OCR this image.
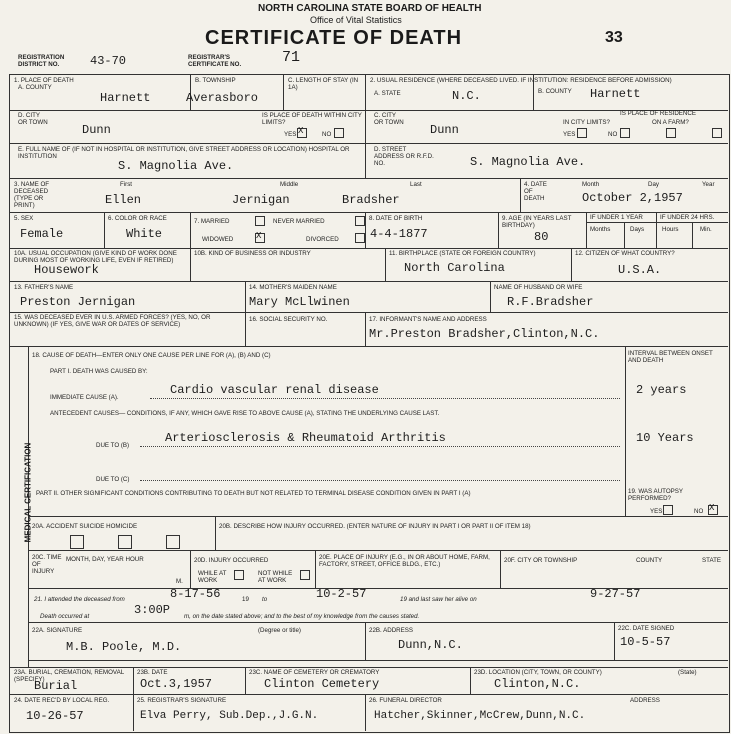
NORTH CAROLINA STATE BOARD OF HEALTH
Office of Vital Statistics
CERTIFICATE OF DEATH	33
REGISTRATION DISTRICT NO.	43-70	REGISTRAR'S CERTIFICATE NO.	71
1. PLACE OF DEATH
A. COUNTY
Harnett
B. TOWNSHIP
Averasboro
C. LENGTH OF STAY (IN 1A)
D. CITY OR TOWN
Dunn
IS PLACE OF DEATH WITHIN CITY LIMITS?
YES X	NO
E. FULL NAME OF (IF NOT IN HOSPITAL OR INSTITUTION, GIVE STREET ADDRESS OR LOCATION) HOSPITAL OR INSTITUTION
S. Magnolia Ave.
2. USUAL RESIDENCE (WHERE DECEASED LIVED. IF INSTITUTION: RESIDENCE BEFORE ADMISSION)
A. STATE	N.C.	B. COUNTY Harnett
C. CITY OR TOWN
Dunn
IS PLACE OF RESIDENCE
IN CITY LIMITS?	ON A FARM?
YES	NO
D. STREET ADDRESS OR R.F.D. NO.	S. Magnolia Ave.
3. NAME OF DECEASED (TYPE OR PRINT)
First	Middle	Last
Ellen	Jernigan	Bradsher
4. DATE OF DEATH
Month	Day	Year
October 2,1957
5. SEX
Female
6. COLOR OR RACE
White
7. MARRIED	NEVER MARRIED
WIDOWED X	DIVORCED
8. DATE OF BIRTH
4-4-1877
9. AGE (IN YEARS LAST BIRTHDAY)
80
IF UNDER 1 YEAR	IF UNDER 24 HRS.
Months	Days	Hours	Min.
10A. USUAL OCCUPATION (GIVE KIND OF WORK DONE DURING MOST OF WORKING LIFE, EVEN IF RETIRED)
Housework
10B. KIND OF BUSINESS OR INDUSTRY	11. BIRTHPLACE (STATE OR FOREIGN COUNTRY)
North Carolina
12. CITIZEN OF WHAT COUNTRY?
U.S.A.
13. FATHER'S NAME
Preston Jernigan
14. MOTHER'S MAIDEN NAME
Mary McLlwinen
NAME OF HUSBAND OR WIFE
R.F.Bradsher
15. WAS DECEASED EVER IN U.S. ARMED FORCES? (YES, NO, OR UNKNOWN) (IF YES, GIVE WAR OR DATES OF SERVICE)
16. SOCIAL SECURITY NO.	17. INFORMANT'S NAME AND ADDRESS
Mr.Preston Bradsher,Clinton,N.C.
MEDICAL CERTIFICATION
18. CAUSE OF DEATH—ENTER ONLY ONE CAUSE PER LINE FOR (A), (B) AND (C)	INTERVAL BETWEEN ONSET AND DEATH
PART I. DEATH WAS CAUSED BY:
IMMEDIATE CAUSE (A).
Cardio vascular renal disease	2 years
ANTECEDENT CAUSES— CONDITIONS, IF ANY, WHICH GAVE RISE TO ABOVE CAUSE (A), STATING THE UNDERLYING CAUSE LAST.
DUE TO (B)
Arteriosclerosis & Rheumatoid Arthritis	10 Years
DUE TO (C)
PART II. OTHER SIGNIFICANT CONDITIONS CONTRIBUTING TO DEATH BUT NOT RELATED TO TERMINAL DISEASE CONDITION GIVEN IN PART I (A)	19. WAS AUTOPSY PERFORMED?
YES	NO
X
20A. ACCIDENT SUICIDE HOMICIDE	20B. DESCRIBE HOW INJURY OCCURRED. (ENTER NATURE OF INJURY IN PART I OR PART II OF ITEM 18)
20C. TIME OF INJURY
MONTH, DAY, YEAR HOUR
M.
20D. INJURY OCCURRED
WHILE AT WORK
NOT WHILE AT WORK
20E. PLACE OF INJURY (E.G., IN OR ABOUT HOME, FARM, FACTORY, STREET, OFFICE BLDG., ETC.)
20F. CITY OR TOWNSHIP	COUNTY	STATE
21. I attended the deceased from	8-17-56	19 to	10-2-57	19 and last saw her alive on	9-27-57
Death occurred at	3:00P m, on the date stated above; and to the best of my knowledge from the causes stated.
22A. SIGNATURE	(Degree or title)
M.B. Poole, M.D.
22B. ADDRESS
Dunn,N.C.
22C. DATE SIGNED
10-5-57
23A. BURIAL, CREMATION, REMOVAL (SPECIFY)
Burial
23B. DATE
Oct.3,1957
23C. NAME OF CEMETERY OR CREMATORY
Clinton Cemetery
23D. LOCATION (CITY, TOWN, OR COUNTY)	(State)
Clinton,N.C.
24. DATE REC'D BY LOCAL REG.
10-26-57
25. REGISTRAR'S SIGNATURE
Elva Perry, Sub.Dep.,J.G.N.
26. FUNERAL DIRECTOR	ADDRESS
Hatcher,Skinner,McCrew,Dunn,N.C.
